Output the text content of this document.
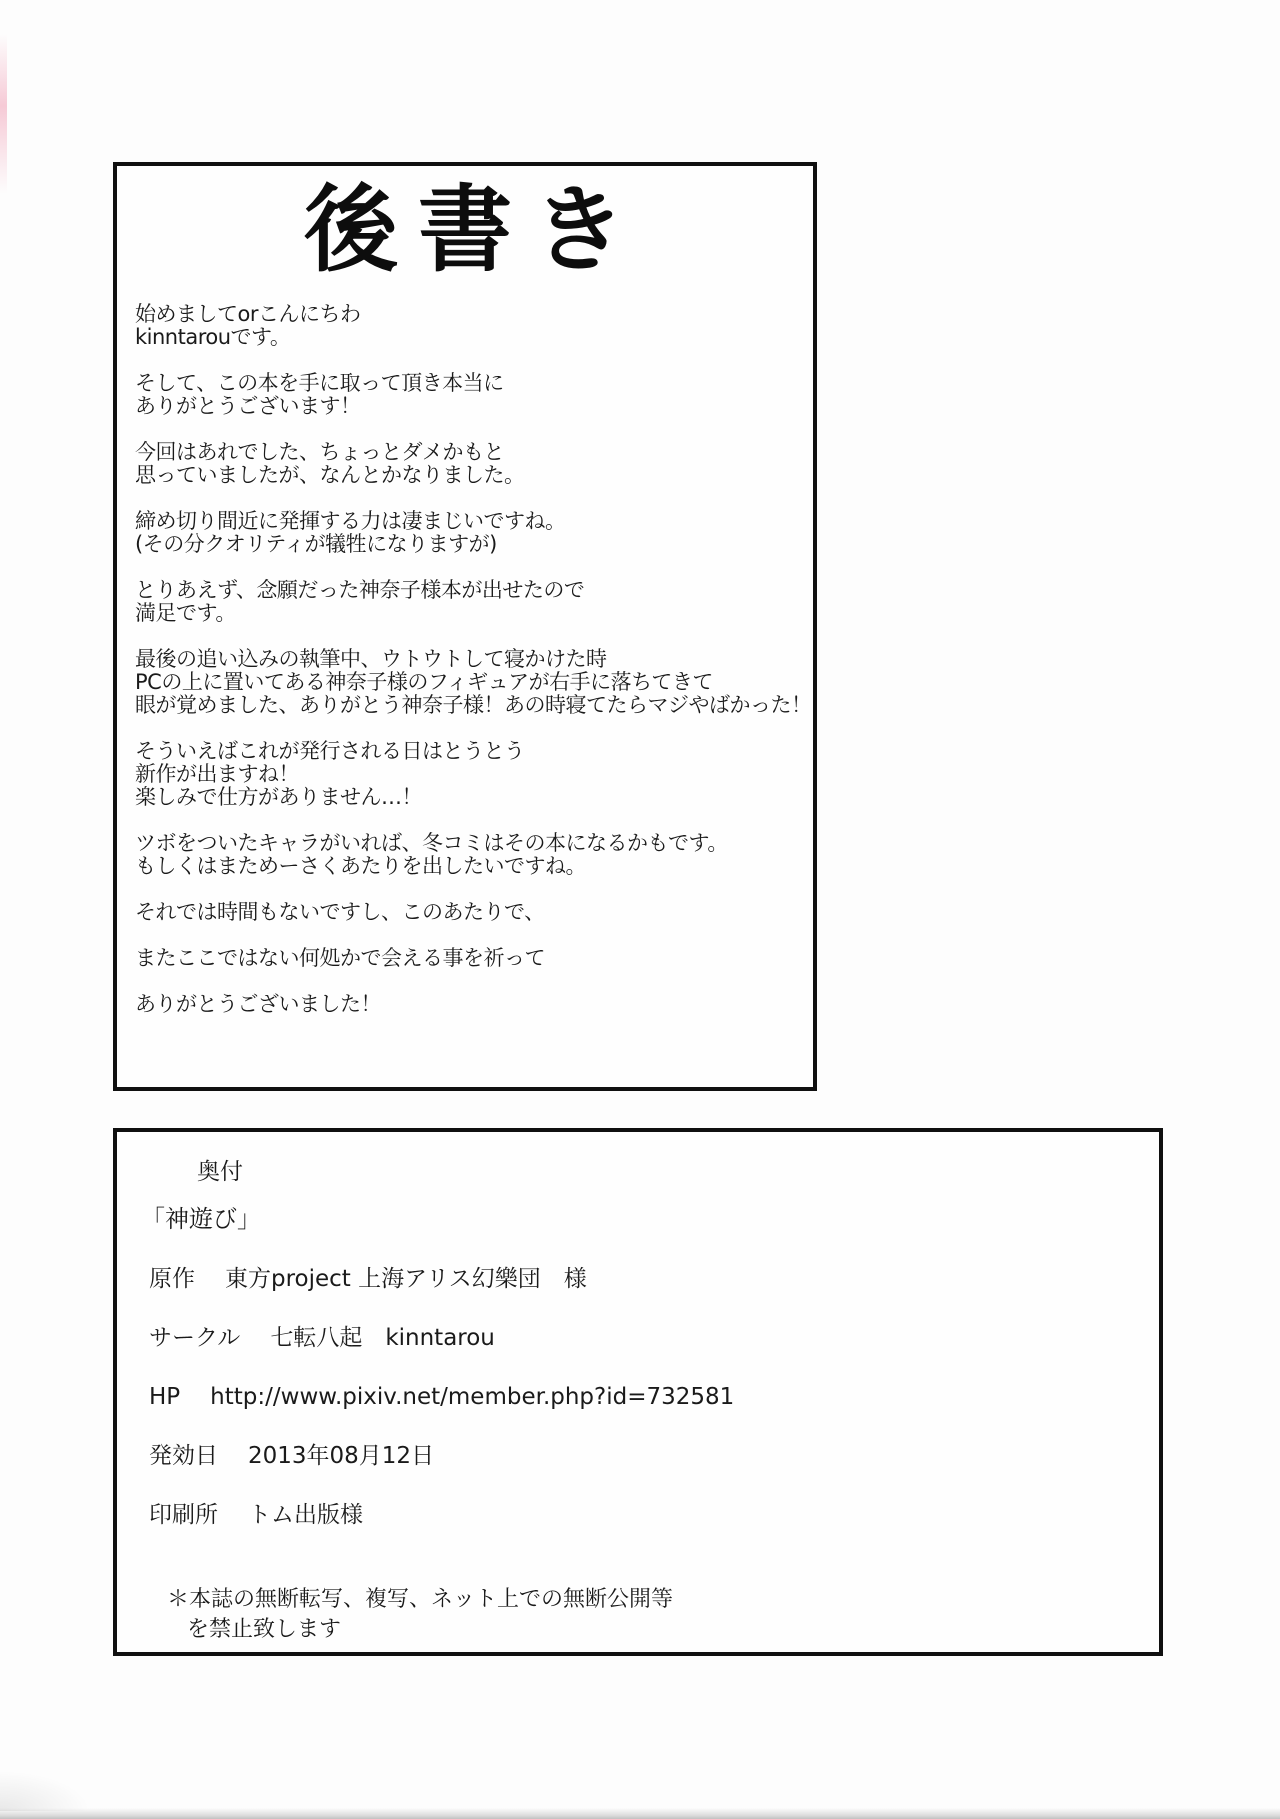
後書き
始めましてorこんにちわ
kinntarouです。
そして、この本を手に取って頂き本当に
ありがとうございます！
今回はあれでした、ちょっとダメかもと
思っていましたが、なんとかなりました。
締め切り間近に発揮する力は凄まじいですね。
(その分クオリティが犠牲になりますが)
とりあえず、念願だった神奈子様本が出せたので
満足です。
最後の追い込みの執筆中、ウトウトして寝かけた時
PCの上に置いてある神奈子様のフィギュアが右手に落ちてきて
眼が覚めました、ありがとう神奈子様！あの時寝てたらマジやばかった！
そういえばこれが発行される日はとうとう
新作が出ますね！
楽しみで仕方がありません…！
ツボをついたキャラがいれば、冬コミはその本になるかもです。
もしくはまためーさくあたりを出したいですね。
それでは時間もないですし、このあたりで、
またここではない何処かで会える事を祈って
ありがとうございました！
奥付
「神遊び」
原作 東方project 上海アリス幻樂団　様
サークル 七転八起　kinntarou
HP http://www.pixiv.net/member.php?id=732581
発効日 2013年08月12日
印刷所 トム出版様
＊本誌の無断転写、複写、ネット上での無断公開等
を禁止致します
